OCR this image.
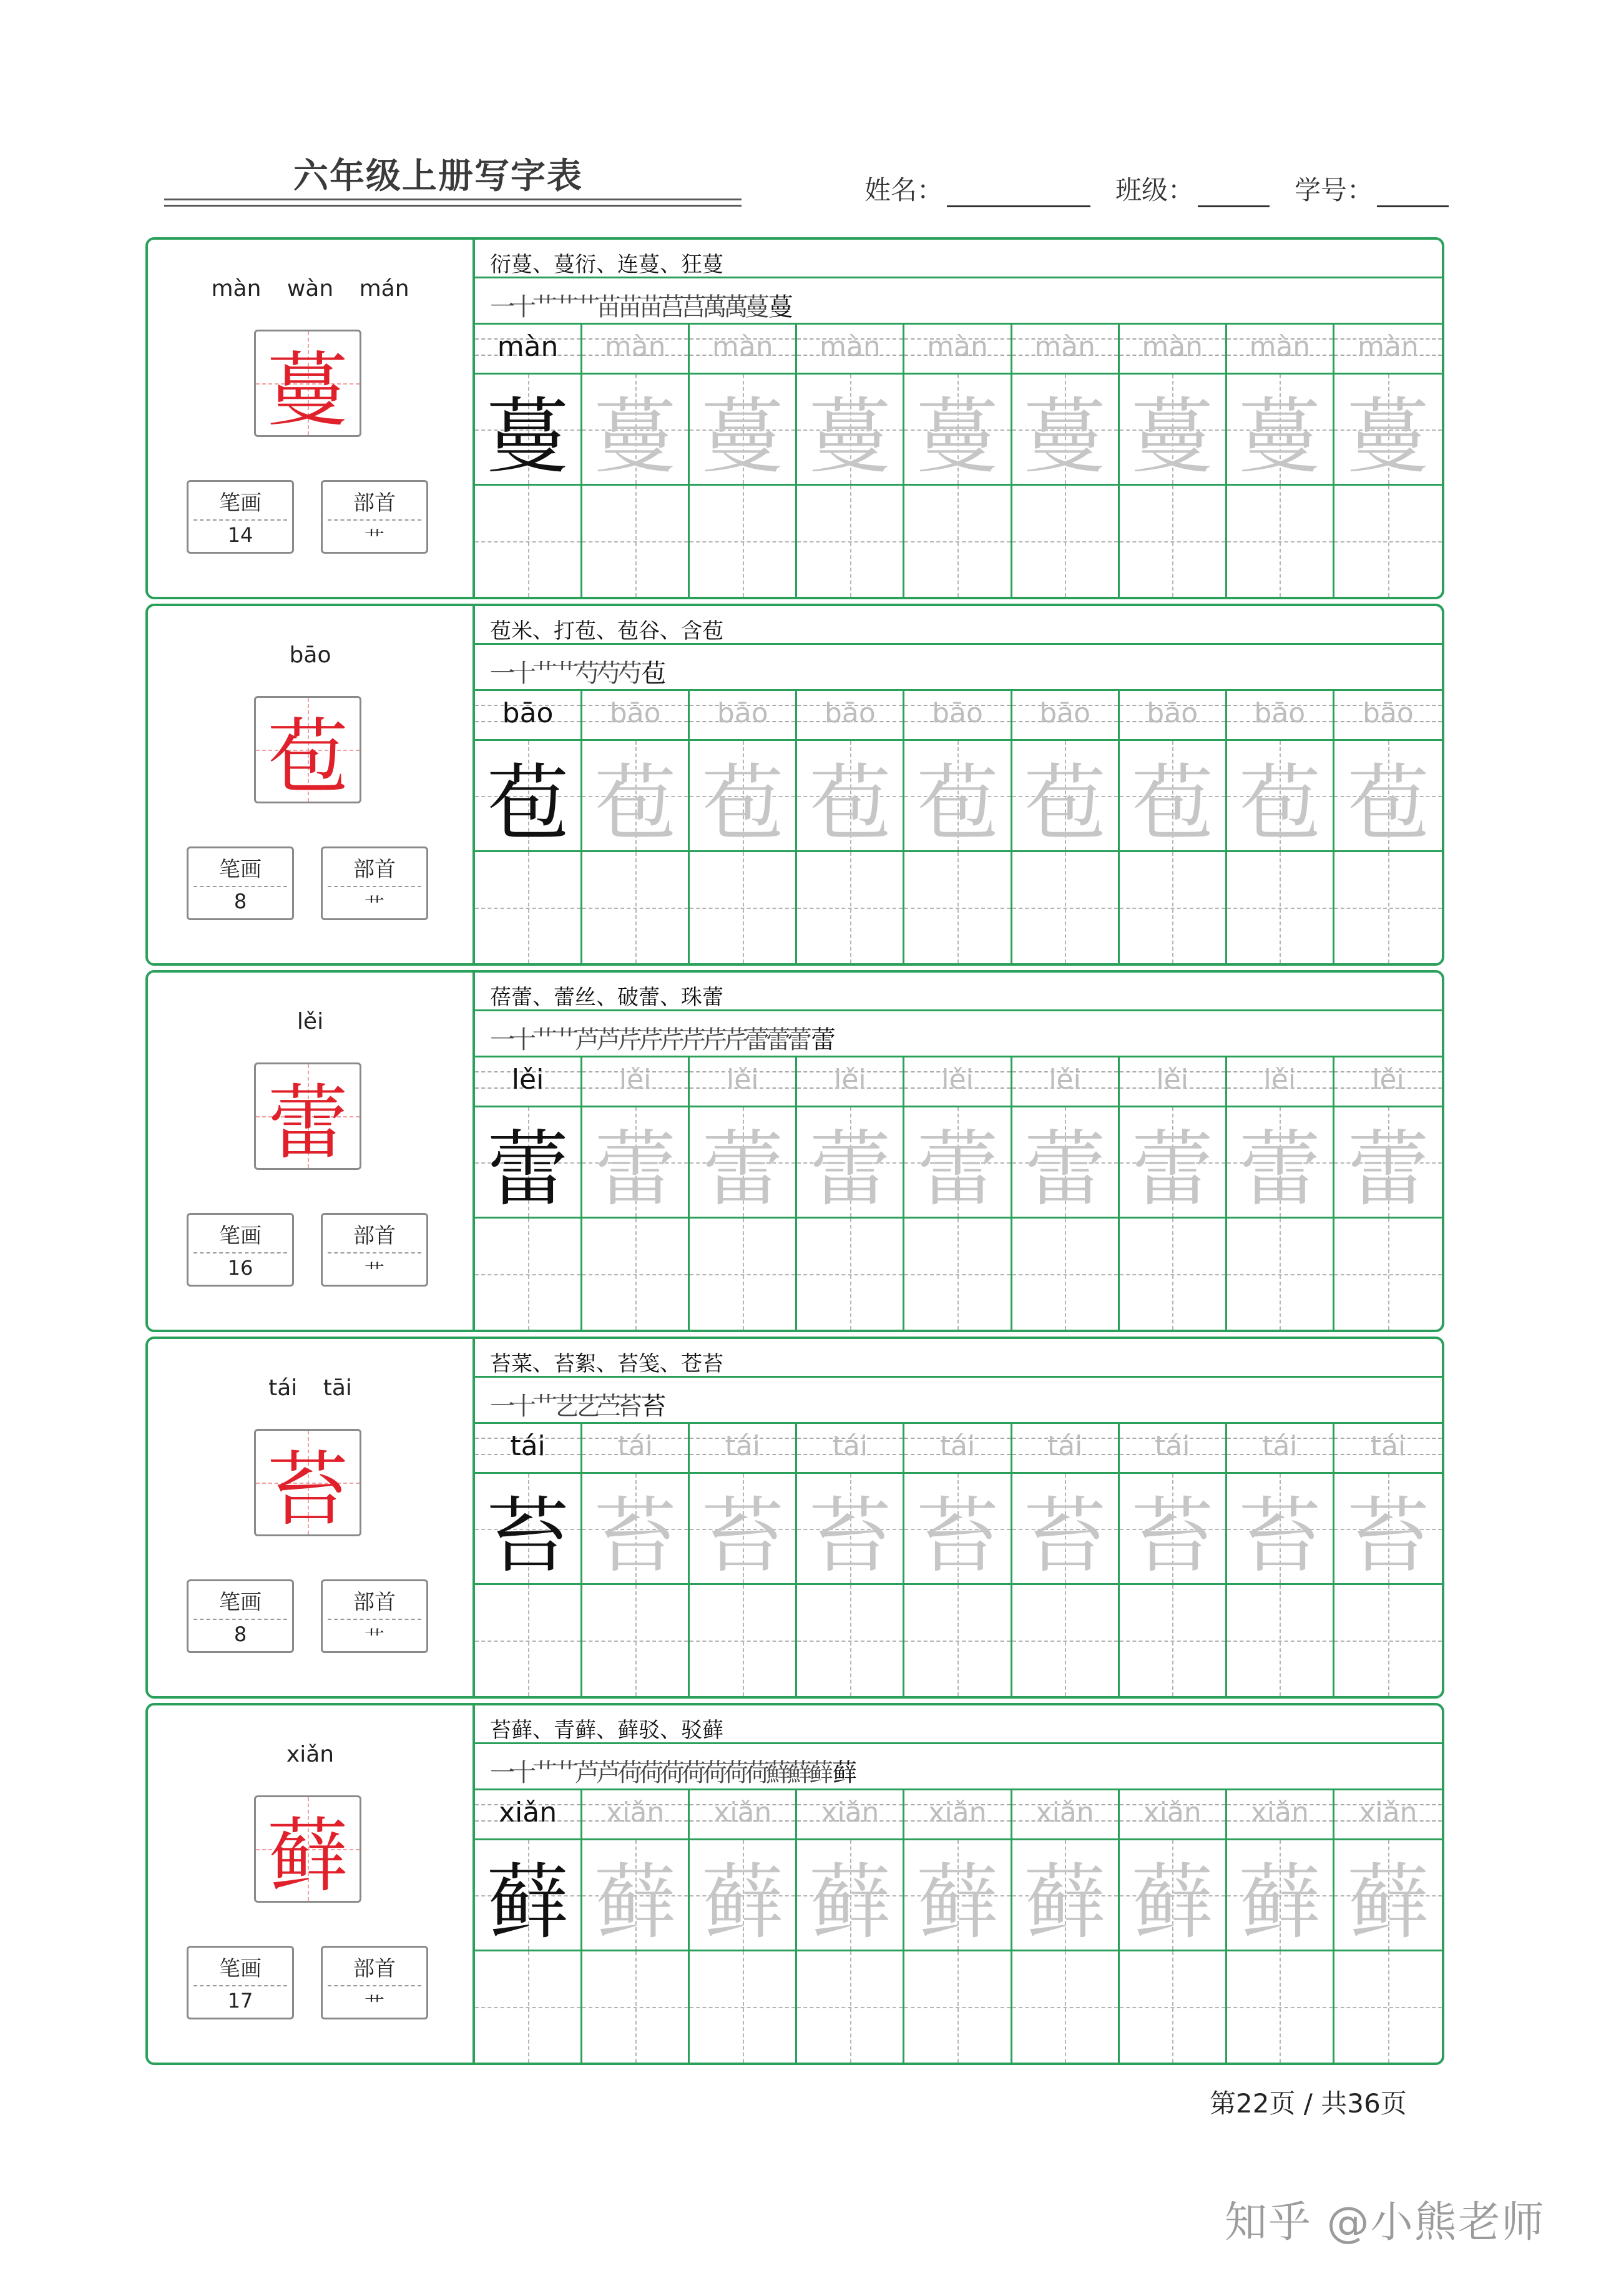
六年级上册写字表	姓名：	班级：	学号：
màn wàn mán
蔓
笔画
14
部首
艹
衍蔓、蔓衍、连蔓、狂蔓
一
十
艹
艹
艹
苗
苗
苗
莒
莒
萬
萬
蔓
蔓
màn	màn	màn	màn	màn	màn	màn	màn	màn
蔓 蔓 蔓 蔓 蔓 蔓 蔓 蔓 蔓
bāo
苞
笔画
8
部首
艹
苞米、打苞、苞谷、含苞
一
十
艹
艹
芍
芍
芍
苞
bāo	bāo	bāo	bāo	bāo	bāo	bāo	bāo	bāo
苞 苞 苞 苞 苞 苞 苞 苞 苞
lěi
蕾
笔画
16
部首
艹
蓓蕾、蕾丝、破蕾、珠蕾
一
十
艹
艹
芦
芦
芹
芹
芹
芹
芹
芹
蕾
蕾
蕾
蕾
lěi	lěi	lěi	lěi	lěi	lěi	lěi	lěi	lěi
蕾 蕾 蕾 蕾 蕾 蕾 蕾 蕾 蕾
tái tāi
苔
笔画
8
部首
艹
苔菜、苔絮、苔笺、苍苔
一
十
艹
艺
艺
苎
苔
苔
tái	tái	tái	tái	tái	tái	tái	tái	tái
苔 苔 苔 苔 苔 苔 苔 苔 苔
xiǎn
藓
笔画
17
部首
艹
苔藓、青藓、藓驳、驳藓
一
十
艹
艹
芦
芦
荷
荷
荷
荷
荷
荷
荷
蘚
蘚
藓
藓
xiǎn	xiǎn	xiǎn	xiǎn	xiǎn	xiǎn	xiǎn	xiǎn	xiǎn
藓 藓 藓 藓 藓 藓 藓 藓 藓
第22页 / 共36页
知乎 @小熊老师
